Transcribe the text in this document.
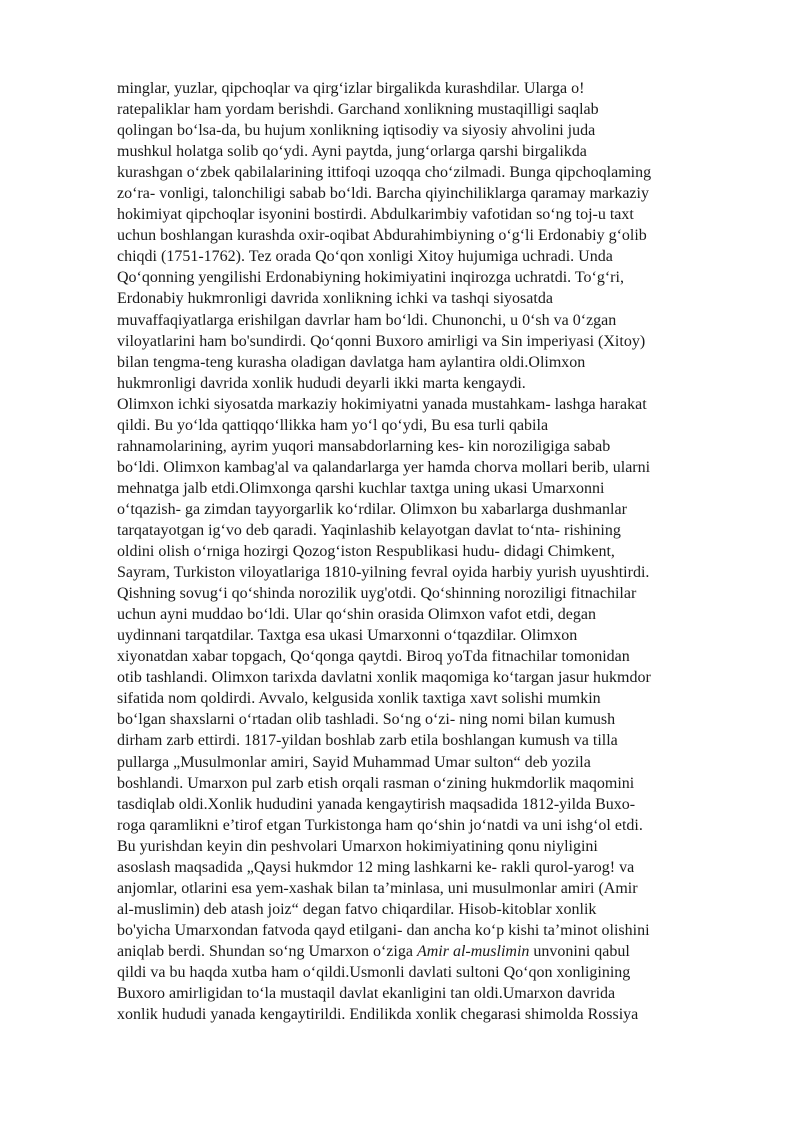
minglar, yuzlar, qipchoqlar va qirg‘izlar birgalikda kurashdilar. Ularga o!
ratepaliklar ham yordam berishdi. Garchand xonlikning mustaqilligi saqlab
qolingan bo‘lsa-da, bu hujum xonlikning iqtisodiy va siyosiy ahvolini juda
mushkul holatga solib qo‘ydi. Ayni paytda, jung‘orlarga qarshi birgalikda
kurashgan o‘zbek qabilalarining ittifoqi uzoqqa cho‘zilmadi. Bunga qipchoqlaming
zo‘ra- vonligi, talonchiligi sabab bo‘ldi. Barcha qiyinchiliklarga qaramay markaziy
hokimiyat qipchoqlar isyonini bostirdi. Abdulkarimbiy vafotidan so‘ng toj-u taxt
uchun boshlangan kurashda oxir-oqibat Abdurahimbiyning o‘g‘li Erdonabiy g‘olib
chiqdi (1751-1762). Tez orada Qo‘qon xonligi Xitoy hujumiga uchradi. Unda
Qo‘qonning yengilishi Erdonabiyning hokimiyatini inqirozga uchratdi. To‘g‘ri,
Erdonabiy hukmronligi davrida xonlikning ichki va tashqi siyosatda
muvaffaqiyatlarga erishilgan davrlar ham bo‘ldi. Chunonchi, u 0‘sh va 0‘zgan
viloyatlarini ham bo'sundirdi. Qo‘qonni Buxoro amirligi va Sin imperiyasi (Xitoy)
bilan tengma-teng kurasha oladigan davlatga ham aylantira oldi.Olimxon
hukmronligi davrida xonlik hududi deyarli ikki marta kengaydi.
Olimxon ichki siyosatda markaziy hokimiyatni yanada mustahkam- lashga harakat
qildi. Bu yo‘lda qattiqqo‘llikka ham yo‘l qo‘ydi, Bu esa turli qabila
rahnamolarining, ayrim yuqori mansabdorlarning kes- kin noroziligiga sabab
bo‘ldi. Olimxon kambag'al va qalandarlarga yer hamda chorva mollari berib, ularni
mehnatga jalb etdi.Olimxonga qarshi kuchlar taxtga uning ukasi Umarxonni
o‘tqazish- ga zimdan tayyorgarlik ko‘rdilar. Olimxon bu xabarlarga dushmanlar
tarqatayotgan ig‘vo deb qaradi. Yaqinlashib kelayotgan davlat to‘nta- rishining
oldini olish o‘rniga hozirgi Qozog‘iston Respublikasi hudu- didagi Chimkent,
Sayram, Turkiston viloyatlariga 1810-yilning fevral oyida harbiy yurish uyushtirdi.
Qishning sovug‘i qo‘shinda norozilik uyg'otdi. Qo‘shinning noroziligi fitnachilar
uchun ayni muddao bo‘ldi. Ular qo‘shin orasida Olimxon vafot etdi, degan
uydinnani tarqatdilar. Taxtga esa ukasi Umarxonni o‘tqazdilar. Olimxon
xiyonatdan xabar topgach, Qo‘qonga qaytdi. Biroq yoTda fitnachilar tomonidan
otib tashlandi. Olimxon tarixda davlatni xonlik maqomiga ko‘targan jasur hukmdor
sifatida nom qoldirdi. Avvalo, kelgusida xonlik taxtiga xavt solishi mumkin
bo‘lgan shaxslarni o‘rtadan olib tashladi. So‘ng o‘zi- ning nomi bilan kumush
dirham zarb ettirdi. 1817-yildan boshlab zarb etila boshlangan kumush va tilla
pullarga „Musulmonlar amiri, Sayid Muhammad Umar sulton“ deb yozila
boshlandi. Umarxon pul zarb etish orqali rasman o‘zining hukmdorlik maqomini
tasdiqlab oldi.Xonlik hududini yanada kengaytirish maqsadida 1812-yilda Buxo-
roga qaramlikni e’tirof etgan Turkistonga ham qo‘shin jo‘natdi va uni ishg‘ol etdi.
Bu yurishdan keyin din peshvolari Umarxon hokimiyatining qonu niyligini
asoslash maqsadida „Qaysi hukmdor 12 ming lashkarni ke- rakli qurol-yarog! va
anjomlar, otlarini esa yem-xashak bilan ta’minlasa, uni musulmonlar amiri (Amir
al-muslimin) deb atash joiz“ degan fatvo chiqardilar. Hisob-kitoblar xonlik
bo'yicha Umarxondan fatvoda qayd etilgani- dan ancha ko‘p kishi ta’minot olishini
aniqlab berdi. Shundan so‘ng Umarxon o‘ziga Amir al-muslimin unvonini qabul
qildi va bu haqda xutba ham o‘qildi.Usmonli davlati sultoni Qo‘qon xonligining
Buxoro amirligidan to‘la mustaqil davlat ekanligini tan oldi.Umarxon davrida
xonlik hududi yanada kengaytirildi. Endilikda xonlik chegarasi shimolda Rossiya
